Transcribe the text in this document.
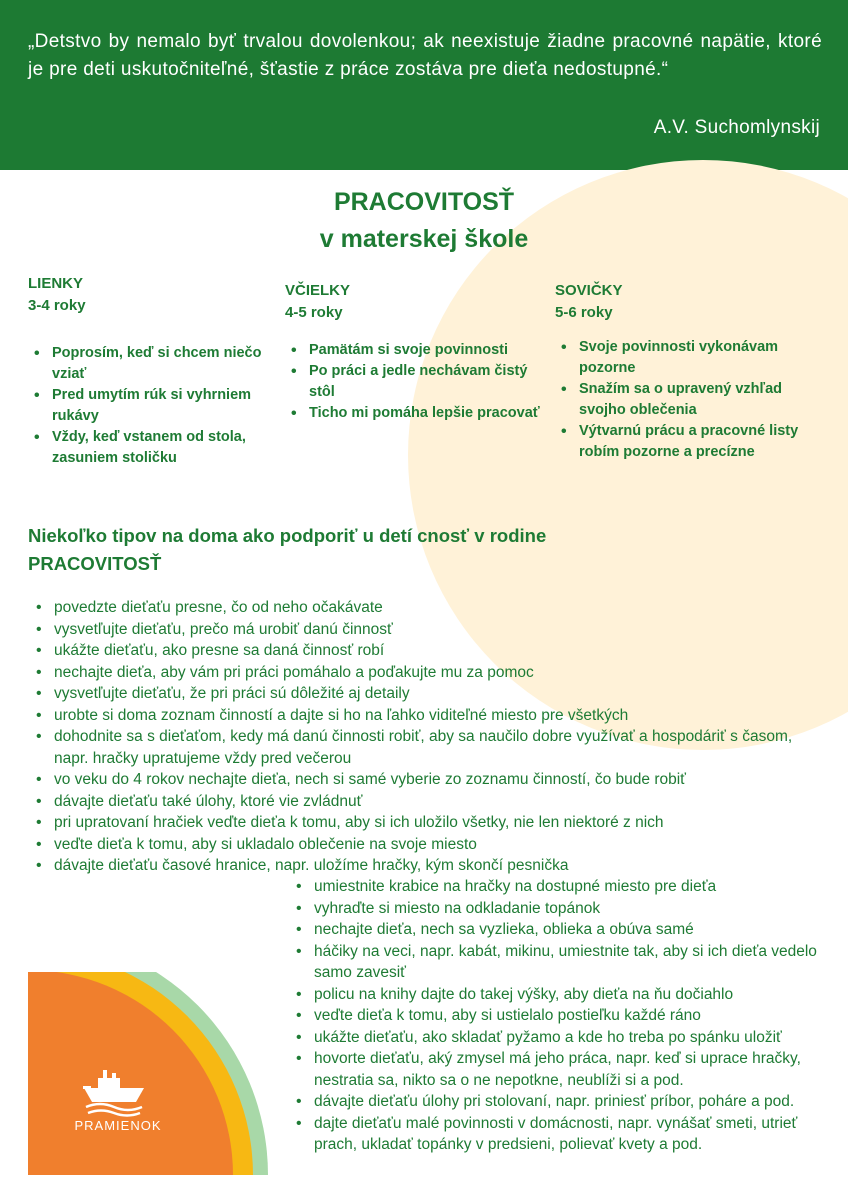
„Detstvo by nemalo byť trvalou dovolenkou; ak neexistuje žiadne pracovné napätie, ktoré je pre deti uskutočniteľné, šťastie z práce zostáva pre dieťa nedostupné.“

A.V. Suchomlynskij
PRACOVITOSŤ
v materskej škole
LIENKY
3-4 roky
• Poprosím, keď si chcem niečo vziať
• Pred umytím rúk si vyhrniem rukávy
• Vždy, keď vstanem od stola, zasuniem stoličku
VČIELKY
4-5 roky
• Pamätám si svoje povinnosti
• Po práci a jedle nechávam čistý stôl
• Ticho mi pomáha lepšie pracovať
SOVIČKY
5-6 roky
• Svoje povinnosti vykonávam pozorne
• Snažím sa o upravený vzhľad svojho oblečenia
• Výtvarnú prácu a pracovné listy robím pozorne a precízne
Niekoľko tipov na doma ako podporiť u detí cnosť v rodine
PRACOVITOSŤ
• povedzte dieťaťu presne, čo od neho očakávate
• vysvetľujte dieťaťu, prečo má urobiť danú činnosť
• ukážte dieťaťu, ako presne sa daná činnosť robí
• nechajte dieťa, aby vám pri práci pomáhalo a poďakujte mu za pomoc
• vysvetľujte dieťaťu, že pri práci sú dôležité aj detaily
• urobte si doma zoznam činností a dajte si ho na ľahko viditeľné miesto pre všetkých
• dohodnite sa s dieťaťom, kedy má danú činnosti robiť, aby sa naučilo dobre využívať a hospodáriť s časom, napr. hračky upratujeme vždy pred večerou
• vo veku do 4 rokov nechajte dieťa, nech si samé vyberie zo zoznamu činností, čo bude robiť
• dávajte dieťaťu také úlohy, ktoré vie zvládnuť
• pri upratovaní hračiek veďte dieťa k tomu, aby si ich uložilo všetky, nie len niektoré z nich
• veďte dieťa k tomu, aby si ukladalo oblečenie na svoje miesto
• dávajte dieťaťu časové hranice, napr. uložíme hračky, kým skončí pesnička
• umiestnite krabice na hračky na dostupné miesto pre dieťa
• vyhraďte si miesto na odkladanie topánok
• nechajte dieťa, nech sa vyzlieka, oblieka a obúva samé
• háčiky na veci, napr. kabát, mikinu, umiestnite tak, aby si ich dieťa vedelo samo zavesiť
• policu na knihy dajte do takej výšky, aby dieťa na ňu dočiahlo
• veďte dieťa k tomu, aby si ustielalo postieľku každé ráno
• ukážte dieťaťu, ako skladať pyžamo a kde ho treba po spánku uložiť
• hovorte dieťaťu, aký zmysel má jeho práca, napr. keď si uprace hračky, nestratia sa, nikto sa o ne nepotkne, neublíži si a pod.
• dávajte dieťaťu úlohy pri stolovaní, napr. priniesť príbor, poháre a pod.
• dajte dieťaťu malé povinnosti v domácnosti, napr. vynášať smeti, utrieť prach, ukladať topánky v predsieni, polievať kvety a pod.
PRAMIENOK
